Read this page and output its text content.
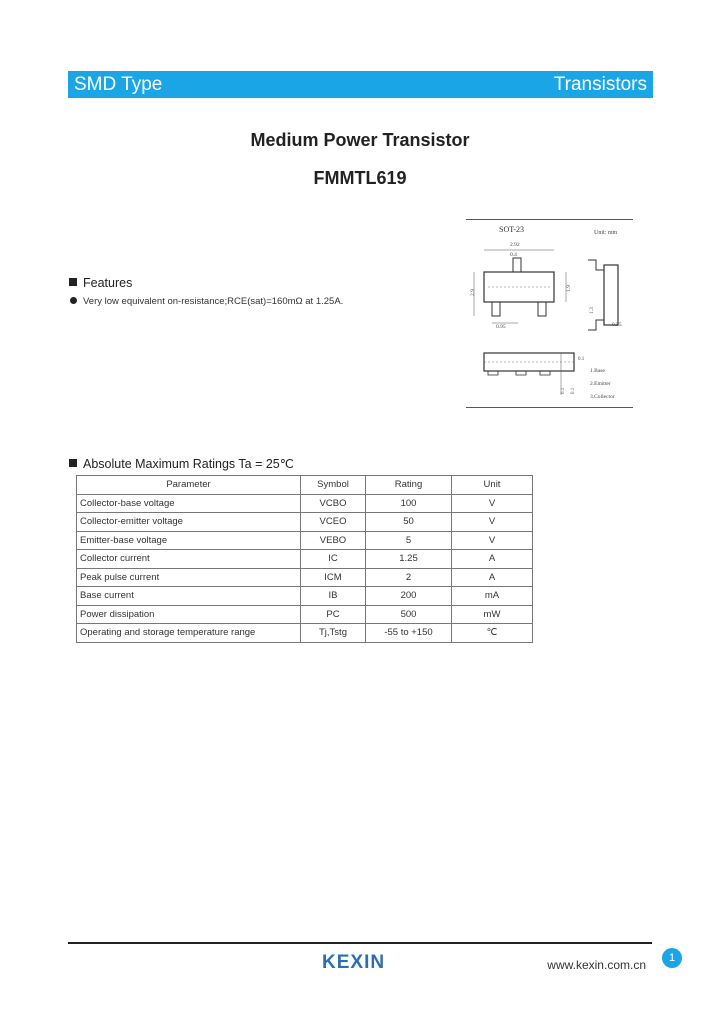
SMD Type	Transistors
Medium Power Transistor
FMMTL619
SOT-23	Unit: mm
2.92
0.4
2.9
1.9
0.95
1.3
0.55
0.1 0.1
0.1
1.Base
2.Emitter
3.Collector
Features
Very low equivalent on-resistance;RCE(sat)=160mΩ at 1.25A.
Absolute Maximum Ratings Ta = 25℃
Parameter	Symbol	Rating	Unit
Collector-base voltage	VCBO	100	V
Collector-emitter voltage	VCEO	50	V
Emitter-base voltage	VEBO	5	V
Collector current	IC	1.25	A
Peak pulse current	ICM	2	A
Base current	IB	200	mA
Power dissipation	PC	500	mW
Operating and storage temperature range	Tj,Tstg	-55 to +150	℃
KEXIN	www.kexin.com.cn	1
